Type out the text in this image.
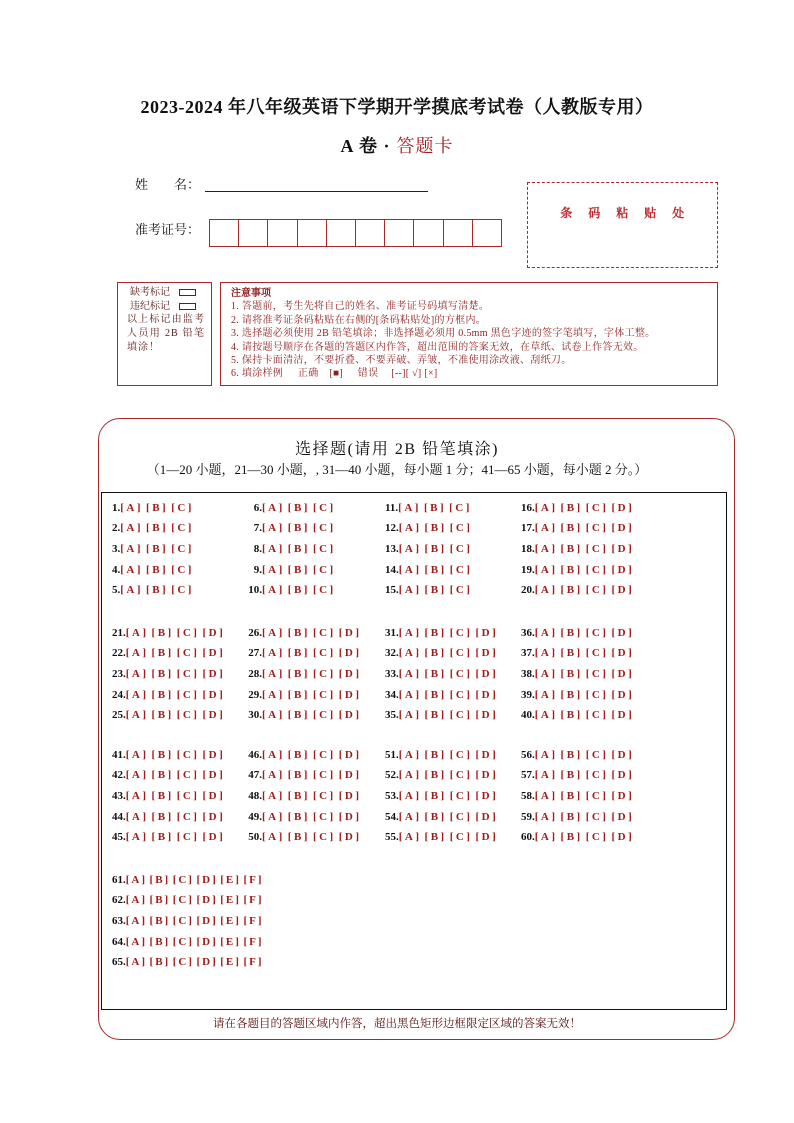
2023-2024 年八年级英语下学期开学摸底考试卷（人教版专用）
A 卷 · 答题卡
姓　　名：
准考证号：
条 码 粘 贴 处
缺考标记
违纪标记
以上标记由监考人员用 2B 铅笔填涂！
注意事项
1. 答题前，考生先将自己的姓名、准考证号码填写清楚。
2. 请将准考证条码粘贴在右侧的[条码粘贴处]的方框内。
3. 选择题必须使用 2B 铅笔填涂；非选择题必须用 0.5mm 黑色字迹的签字笔填写，字体工整。
4. 请按题号顺序在各题的答题区内作答，超出范围的答案无效，在草纸、试卷上作答无效。
5. 保持卡面清洁，不要折叠、不要弄破、弄皱，不准使用涂改液、刮纸刀。
6. 填涂样例 正确 [■] 错误 [--][ √] [×]
选择题(请用 2B 铅笔填涂)
（1—20 小题，21—30 小题，, 31—40 小题，每小题 1 分；41—65 小题，每小题 2 分。）
1.[A] [B] [C]
2.[A] [B] [C]
3.[A] [B] [C]
4.[A] [B] [C]
5.[A] [B] [C]
6.[A] [B] [C]
7.[A] [B] [C]
8.[A] [B] [C]
9.[A] [B] [C]
10.[A] [B] [C]
11.[A] [B] [C]
12.[A] [B] [C]
13.[A] [B] [C]
14.[A] [B] [C]
15.[A] [B] [C]
16.[A] [B] [C] [D]
17.[A] [B] [C] [D]
18.[A] [B] [C] [D]
19.[A] [B] [C] [D]
20.[A] [B] [C] [D]
21.[A] [B] [C] [D]
22.[A] [B] [C] [D]
23.[A] [B] [C] [D]
24.[A] [B] [C] [D]
25.[A] [B] [C] [D]
26.[A] [B] [C] [D]
27.[A] [B] [C] [D]
28.[A] [B] [C] [D]
29.[A] [B] [C] [D]
30.[A] [B] [C] [D]
31.[A] [B] [C] [D]
32.[A] [B] [C] [D]
33.[A] [B] [C] [D]
34.[A] [B] [C] [D]
35.[A] [B] [C] [D]
36.[A] [B] [C] [D]
37.[A] [B] [C] [D]
38.[A] [B] [C] [D]
39.[A] [B] [C] [D]
40.[A] [B] [C] [D]
41.[A] [B] [C] [D]
42.[A] [B] [C] [D]
43.[A] [B] [C] [D]
44.[A] [B] [C] [D]
45.[A] [B] [C] [D]
46.[A] [B] [C] [D]
47.[A] [B] [C] [D]
48.[A] [B] [C] [D]
49.[A] [B] [C] [D]
50.[A] [B] [C] [D]
51.[A] [B] [C] [D]
52.[A] [B] [C] [D]
53.[A] [B] [C] [D]
54.[A] [B] [C] [D]
55.[A] [B] [C] [D]
56.[A] [B] [C] [D]
57.[A] [B] [C] [D]
58.[A] [B] [C] [D]
59.[A] [B] [C] [D]
60.[A] [B] [C] [D]
61.[A] [B] [C] [D] [E] [F]
62.[A] [B] [C] [D] [E] [F]
63.[A] [B] [C] [D] [E] [F]
64.[A] [B] [C] [D] [E] [F]
65.[A] [B] [C] [D] [E] [F]
请在各题目的答题区域内作答，超出黑色矩形边框限定区域的答案无效！
